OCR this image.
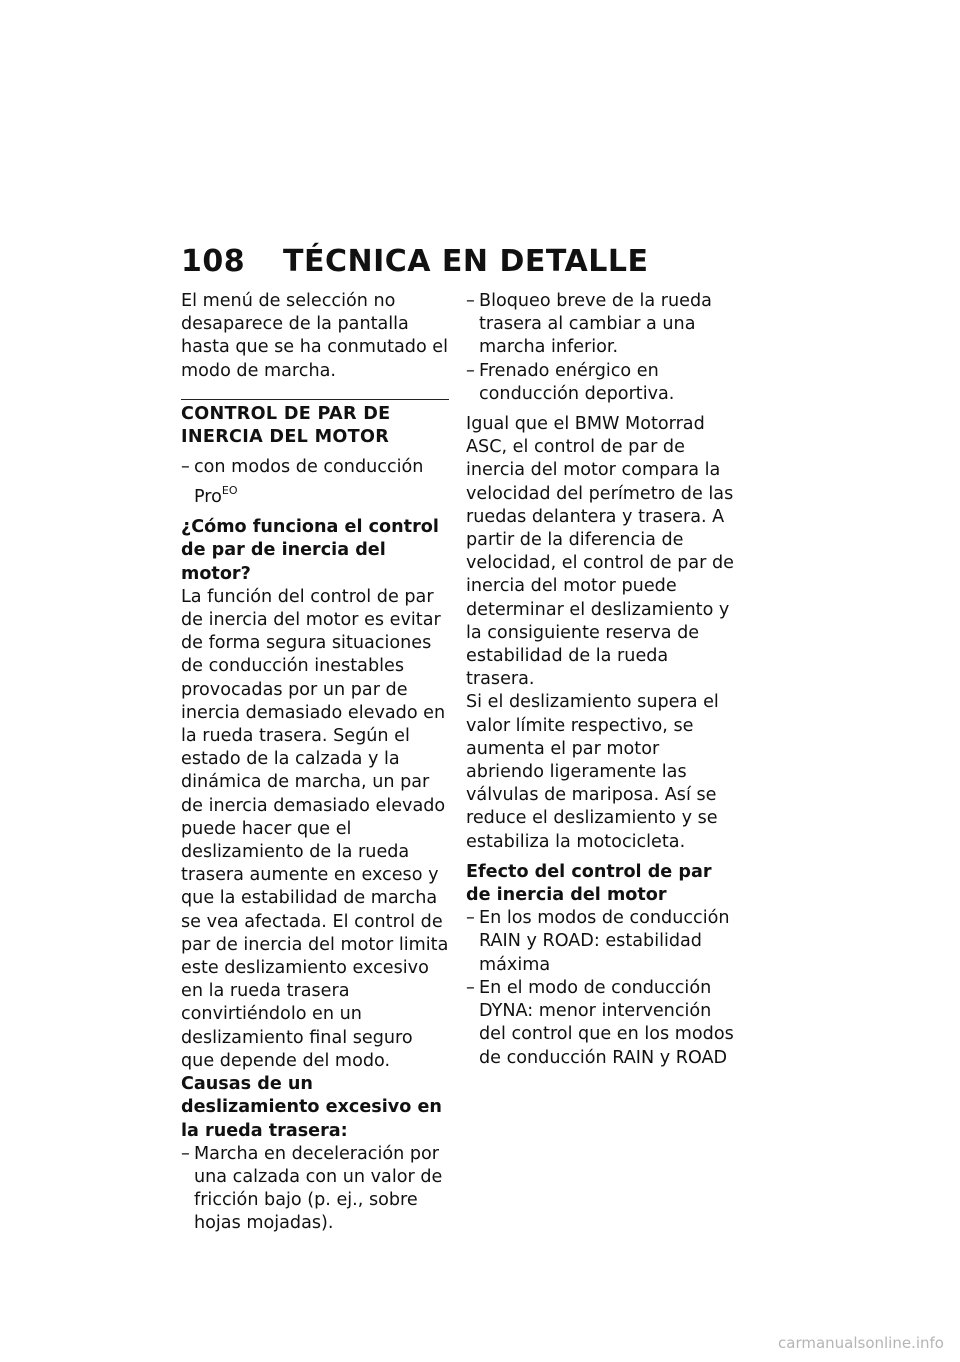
108 TÉCNICA EN DETALLE

El menú de selección no desaparece de la pantalla hasta que se ha conmutado el modo de marcha.

CONTROL DE PAR DE INERCIA DEL MOTOR
– con modos de conducción Pro$^{EO}$

¿Cómo funciona el control de par de inercia del motor?

La función del control de par de inercia del motor es evitar de forma segura situaciones de conducción inestables provocadas por un par de inercia demasiado elevado en la rueda trasera. Según el estado de la calzada y la dinámica de marcha, un par de inercia demasiado elevado puede hacer que el deslizamiento de la rueda trasera aumente en exceso y que la estabilidad de marcha se vea afectada. El control de par de inercia del motor limita este deslizamiento excesivo en la rueda trasera convirtiéndolo en un deslizamiento final seguro que depende del modo.

Causas de un deslizamiento excesivo en la rueda trasera:

– Marcha en deceleración por una calzada con un valor de fricción bajo (p. ej., sobre hojas mojadas).
– Bloqueo breve de la rueda trasera al cambiar a una marcha inferior.
– Frenado enérgico en conducción deportiva.

Igual que el BMW Motorrad ASC, el control de par de inercia del motor compara la velocidad del perímetro de las ruedas delantera y trasera. A partir de la diferencia de velocidad, el control de par de inercia del motor puede determinar el deslizamiento y la consiguiente reserva de estabilidad de la rueda trasera.

Si el deslizamiento supera el valor límite respectivo, se aumenta el par motor abriendo ligeramente las válvulas de mariposa. Así se reduce el deslizamiento y se estabiliza la motocicleta.

Efecto del control de par de inercia del motor

– En los modos de conducción RAIN y ROAD: estabilidad máxima
– En el modo de conducción DYNA: menor intervención del control que en los modos de conducción RAIN y ROAD
carmanualsonline.info
